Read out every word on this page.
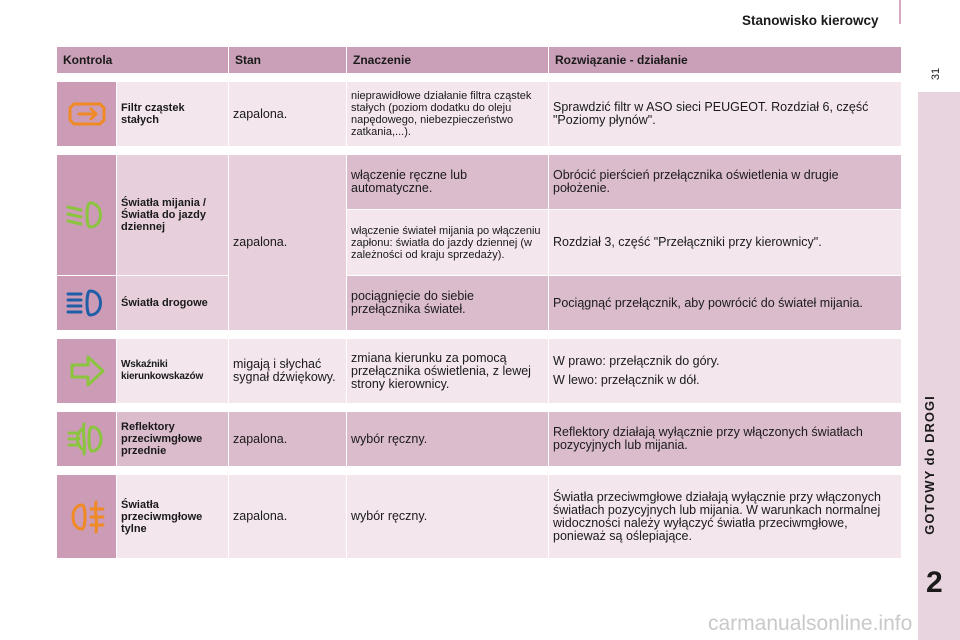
Stanowisko kierowcy
31
GOTOWY do DROGI
2
carmanualsonline.info
Kontrola		Stan	Znaczenie	Rozwiązanie - działanie

Filtr cząstek stałych	zapalona.	nieprawidłowe działanie filtra cząstek stałych (poziom dodatku do oleju napędowego, niebezpieczeństwo zatkania,...).	Sprawdzić filtr w ASO sieci PEUGEOT. Rozdział 6, część "Poziomy płynów".

Światła mijania / Światła do jazdy dziennej	zapalona.	włączenie ręczne lub automatyczne.	Obrócić pierścień przełącznika oświetlenia w drugie położenie.

			włączenie świateł mijania po włączeniu zapłonu: światła do jazdy dziennej (w zależności od kraju sprzedaży).	Rozdział 3, część "Przełączniki przy kierownicy".

Światła drogowe		pociągnięcie do siebie przełącznika świateł.	Pociągnąć przełącznik, aby powrócić do świateł mijania.

Wskaźniki kierunkowskazów	migają i słychać sygnał dźwiękowy.	zmiana kierunku za pomocą przełącznika oświetlenia, z lewej strony kierownicy.	W prawo: przełącznik do góry.

W lewo: przełącznik w dół.

Reflektory przeciwmgłowe przednie	zapalona.	wybór ręczny.	Reflektory działają wyłącznie przy włączonych światłach pozycyjnych lub mijania.

Światła przeciwmgłowe tylne	zapalona.	wybór ręczny.	Światła przeciwmgłowe działają wyłącznie przy włączonych światłach pozycyjnych lub mijania. W warunkach normalnej widoczności należy wyłączyć światła przeciwmgłowe, ponieważ są oślepiające.
